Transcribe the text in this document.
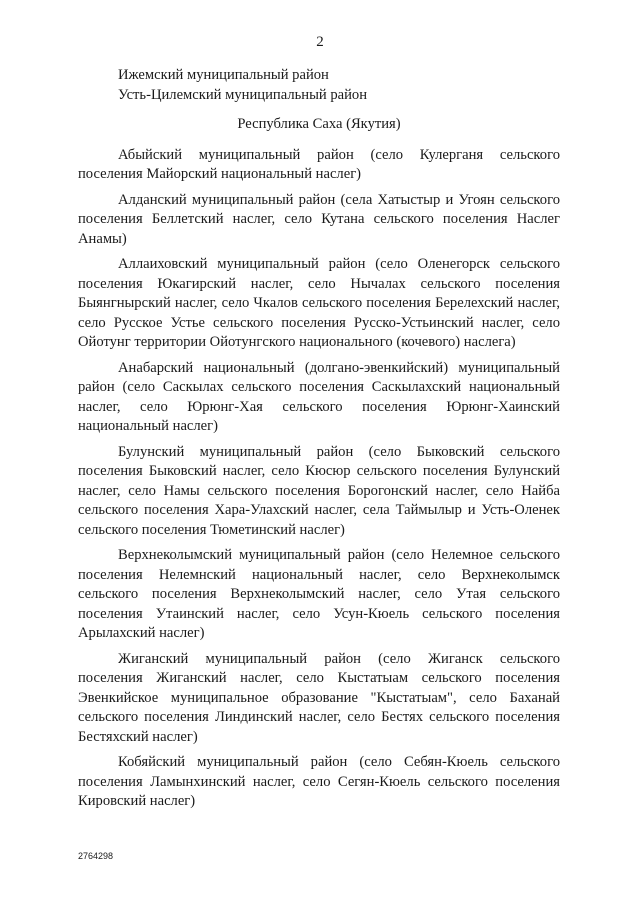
2

Ижемский муниципальный район

Усть-Цилемский муниципальный район

Республика Саха (Якутия)

Абыйский муниципальный район (село Кулерганя сельского поселения Майорский национальный наслег)

Алданский муниципальный район (села Хатыстыр и Угоян сельского поселения Беллетский наслег, село Кутана сельского поселения Наслег Анамы)

Аллаиховский муниципальный район (село Оленегорск сельского поселения Юкагирский наслег, село Нычалах сельского поселения Быянгнырский наслег, село Чкалов сельского поселения Берелехский наслег, село Русское Устье сельского поселения Русско-Устьинский наслег, село Ойотунг территории Ойотунгского национального (кочевого) наслега)

Анабарский национальный (долгано-эвенкийский) муниципальный район (село Саскылах сельского поселения Саскылахский национальный наслег, село Юрюнг-Хая сельского поселения Юрюнг-Хаинский национальный наслег)

Булунский муниципальный район (село Быковский сельского поселения Быковский наслег, село Кюсюр сельского поселения Булунский наслег, село Намы сельского поселения Борогонский наслег, село Найба сельского поселения Хара-Улахский наслег, села Таймылыр и Усть-Оленек сельского поселения Тюметинский наслег)

Верхнеколымский муниципальный район (село Нелемное сельского поселения Нелемнский национальный наслег, село Верхнеколымск сельского поселения Верхнеколымский наслег, село Утая сельского поселения Утаинский наслег, село Усун-Кюель сельского поселения Арылахский наслег)

Жиганский муниципальный район (село Жиганск сельского поселения Жиганский наслег, село Кыстатыам сельского поселения Эвенкийское муниципальное образование "Кыстатыам", село Баханай сельского поселения Линдинский наслег, село Бестях сельского поселения Бестяхский наслег)

Кобяйский муниципальный район (село Себян-Кюель сельского поселения Ламынхинский наслег, село Сегян-Кюель сельского поселения Кировский наслег)

2764298
